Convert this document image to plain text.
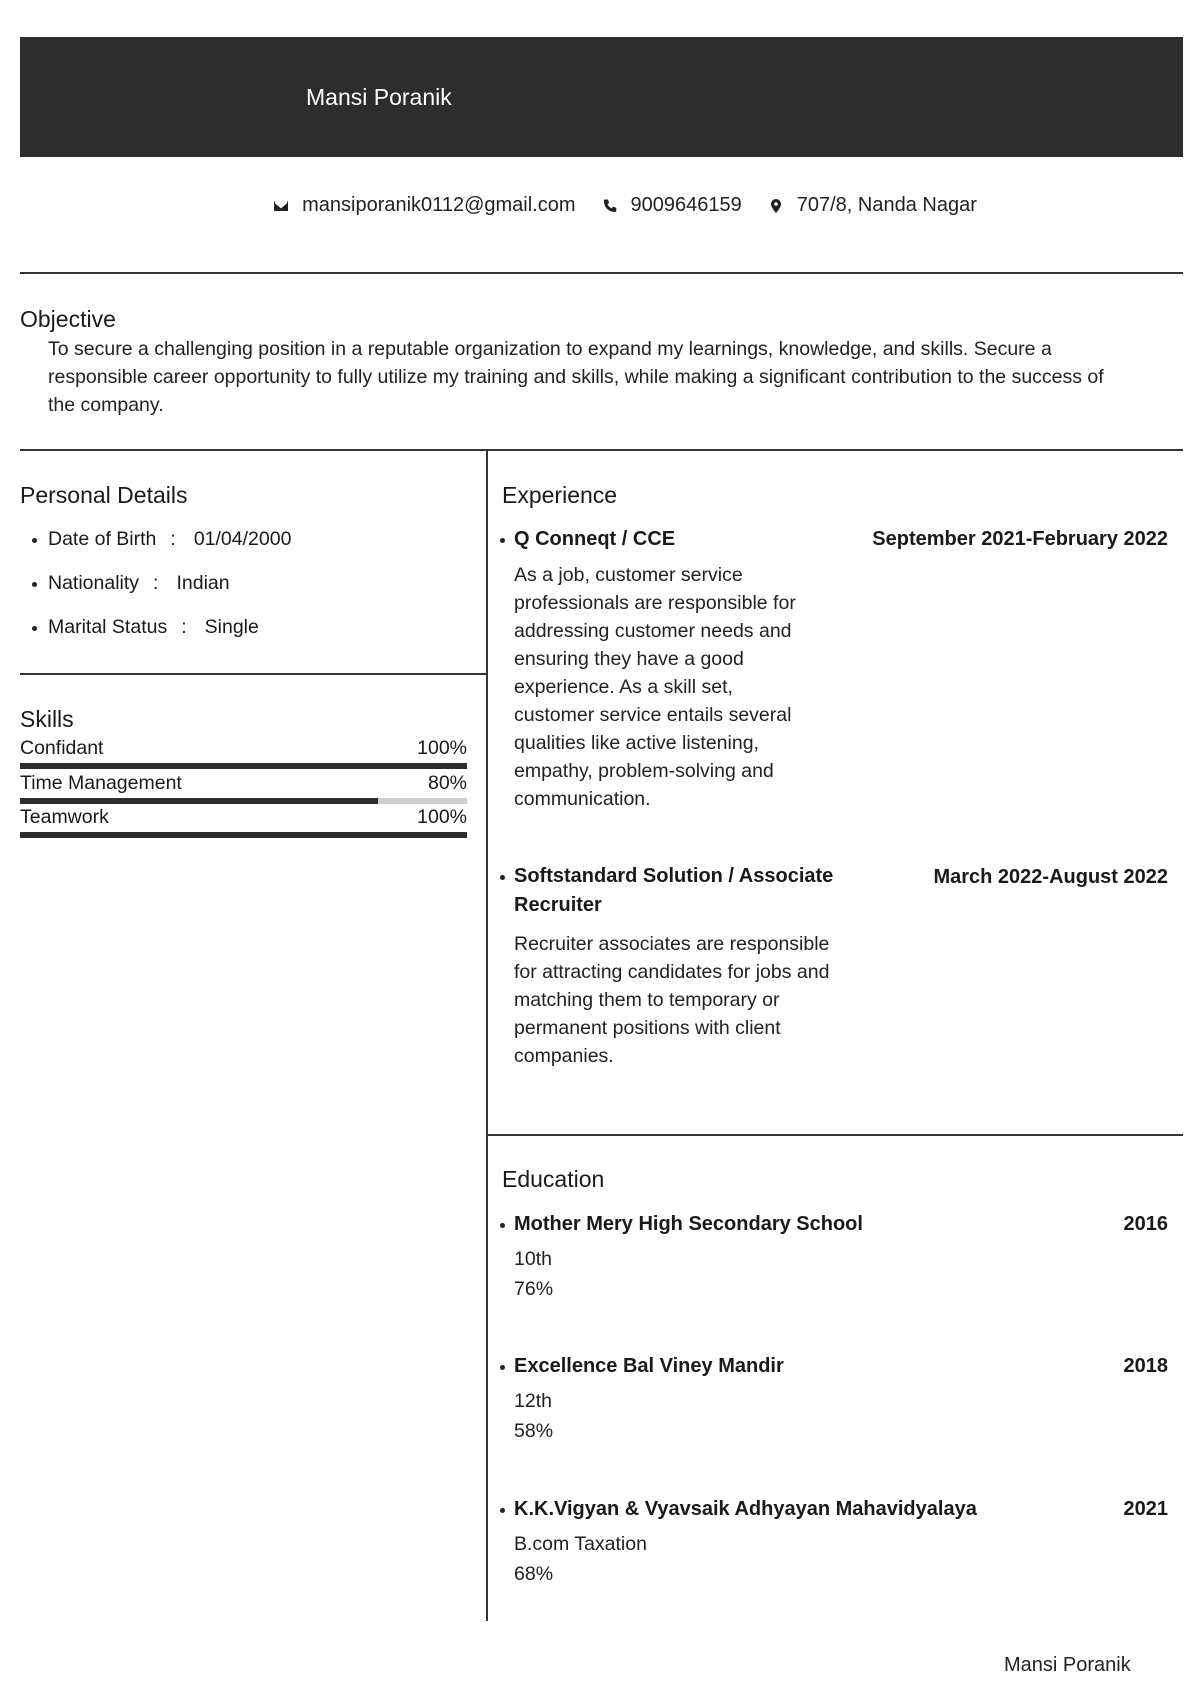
Mansi Poranik
mansiporanik0112@gmail.com	9009646159	707/8, Nanda Nagar
Objective
To secure a challenging position in a reputable organization to expand my learnings, knowledge, and skills. Secure a responsible career opportunity to fully utilize my training and skills, while making a significant contribution to the success of the company.
Personal Details
Date of Birth : 01/04/2000
Nationality : Indian
Marital Status : Single
Skills
Confidant	100%
Time Management	80%
Teamwork	100%
Experience
Q Conneqt / CCE	September 2021-February 2022
As a job, customer service professionals are responsible for addressing customer needs and ensuring they have a good experience. As a skill set, customer service entails several qualities like active listening, empathy, problem-solving and communication.
Softstandard Solution / Associate Recruiter
March 2022-August 2022
Recruiter associates are responsible for attracting candidates for jobs and matching them to temporary or permanent positions with client companies.
Education
Mother Mery High Secondary School	2016
10th
76%
Excellence Bal Viney Mandir	2018
12th
58%
K.K.Vigyan & Vyavsaik Adhyayan Mahavidyalaya	2021
B.com Taxation
68%
Mansi Poranik
